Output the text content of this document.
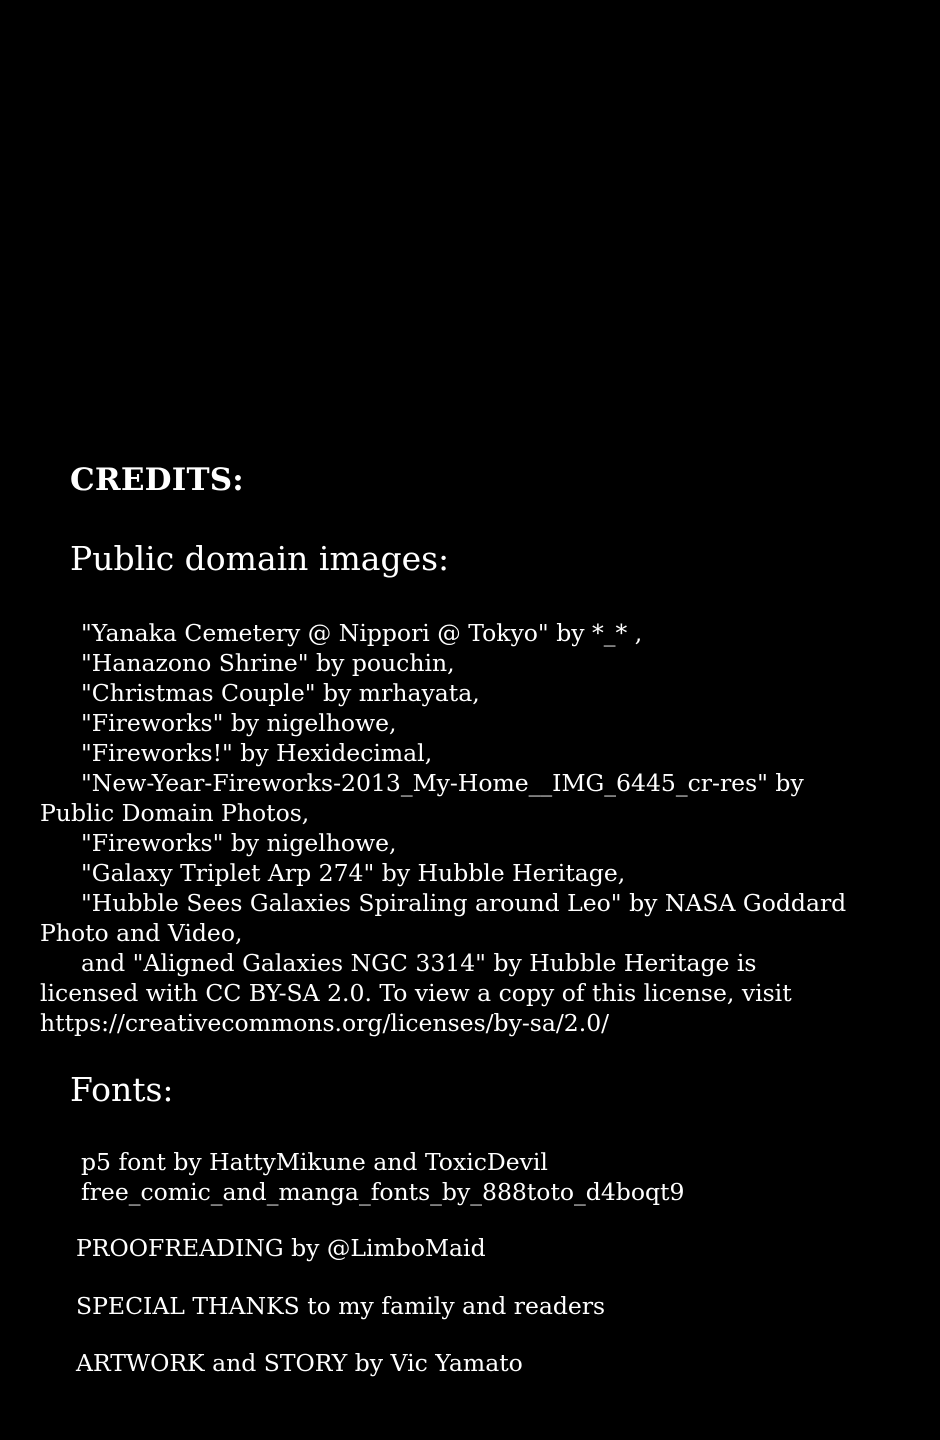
CREDITS:
Public domain images:
"Yanaka Cemetery @ Nippori @ Tokyo" by *_* ,
"Hanazono Shrine" by pouchin,
"Christmas Couple" by mrhayata,
"Fireworks" by nigelhowe,
"Fireworks!" by Hexidecimal,
"New-Year-Fireworks-2013_My-Home__IMG_6445_cr-res" by Public Domain Photos,
"Fireworks" by nigelhowe,
"Galaxy Triplet Arp 274" by Hubble Heritage,
"Hubble Sees Galaxies Spiraling around Leo" by NASA Goddard Photo and Video,
and "Aligned Galaxies NGC 3314" by Hubble Heritage is licensed with CC BY-SA 2.0. To view a copy of this license, visit https://creativecommons.org/licenses/by-sa/2.0/
Fonts:
p5 font by HattyMikune and ToxicDevil
free_comic_and_manga_fonts_by_888toto_d4boqt9
PROOFREADING by @LimboMaid
SPECIAL THANKS to my family and readers
ARTWORK and STORY by Vic Yamato
